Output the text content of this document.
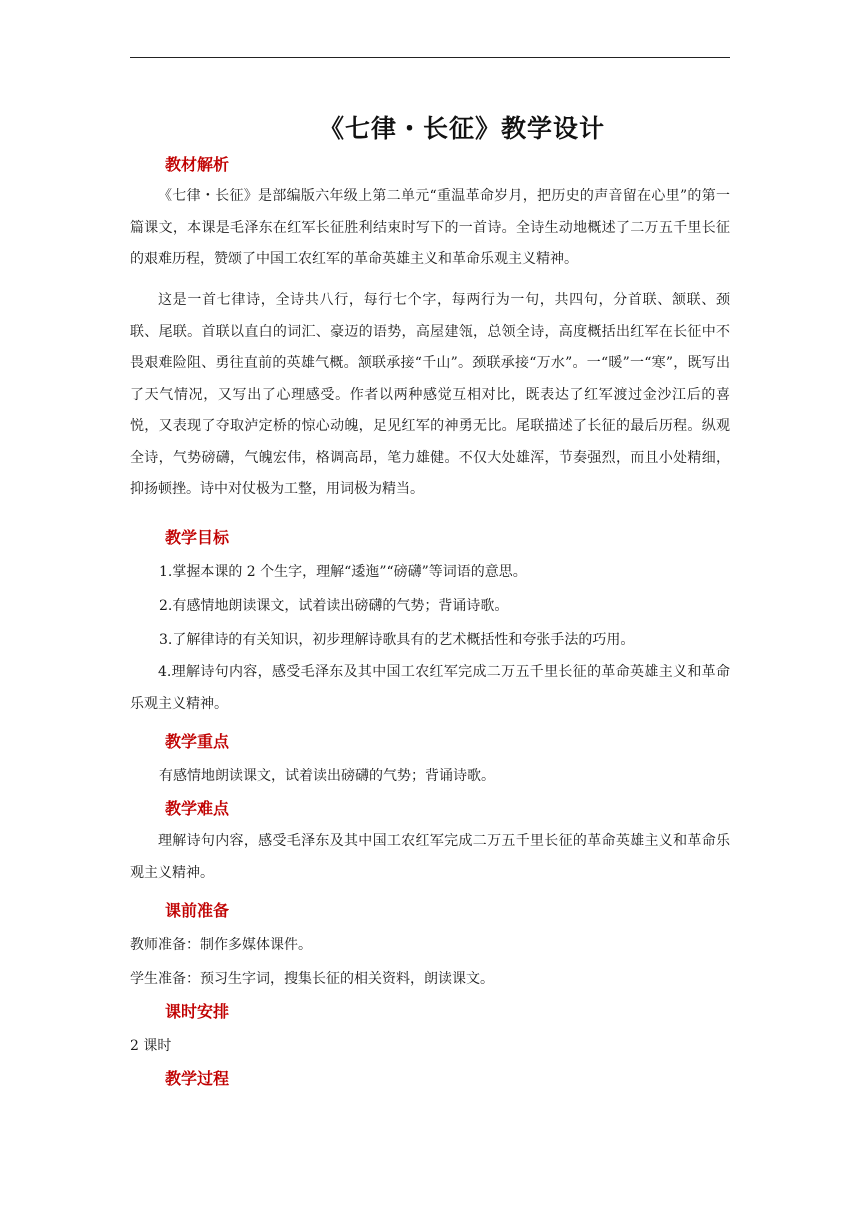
《七律・长征》教学设计
教材解析

《七律・长征》是部编版六年级上第二单元“重温革命岁月，把历史的声音留在心里”的第一篇课文，本课是毛泽东在红军长征胜利结束时写下的一首诗。全诗生动地概述了二万五千里长征的艰难历程，赞颂了中国工农红军的革命英雄主义和革命乐观主义精神。

这是一首七律诗，全诗共八行，每行七个字，每两行为一句，共四句，分首联、颔联、颈联、尾联。首联以直白的词汇、豪迈的语势，高屋建瓴，总领全诗，高度概括出红军在长征中不畏艰难险阻、勇往直前的英雄气概。颔联承接“千山”。颈联承接“万水”。一“暖”一“寒”，既写出了天气情况，又写出了心理感受。作者以两种感觉互相对比，既表达了红军渡过金沙江后的喜悦，又表现了夺取泸定桥的惊心动魄，足见红军的神勇无比。尾联描述了长征的最后历程。纵观全诗，气势磅礴，气魄宏伟，格调高昂，笔力雄健。不仅大处雄浑，节奏强烈，而且小处精细，抑扬顿挫。诗中对仗极为工整，用词极为精当。

教学目标

1.掌握本课的 2 个生字，理解“逶迤”“磅礴”等词语的意思。

2.有感情地朗读课文，试着读出磅礴的气势；背诵诗歌。

3.了解律诗的有关知识，初步理解诗歌具有的艺术概括性和夸张手法的巧用。

4.理解诗句内容，感受毛泽东及其中国工农红军完成二万五千里长征的革命英雄主义和革命乐观主义精神。

教学重点

有感情地朗读课文，试着读出磅礴的气势；背诵诗歌。

教学难点

理解诗句内容，感受毛泽东及其中国工农红军完成二万五千里长征的革命英雄主义和革命乐观主义精神。

课前准备

教师准备：制作多媒体课件。

学生准备：预习生字词，搜集长征的相关资料，朗读课文。

课时安排

2 课时

教学过程
